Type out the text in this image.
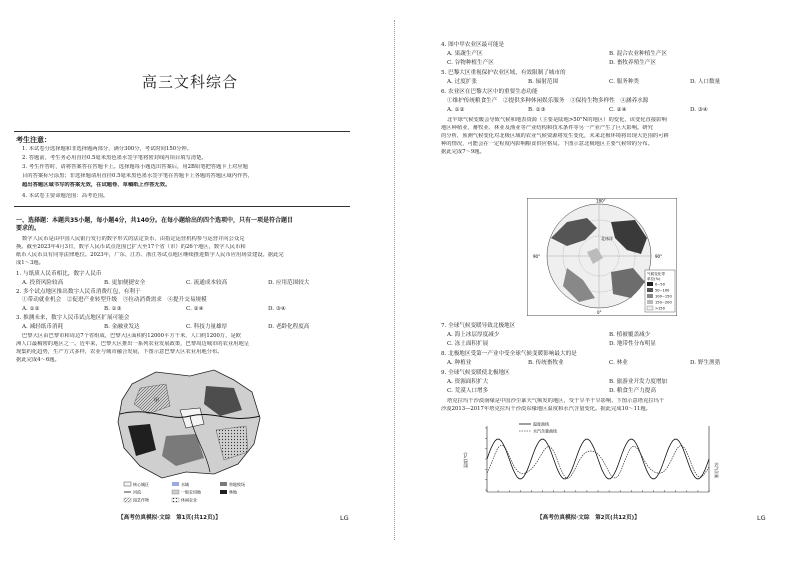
高三文科综合
考生注意：
1. 本试卷分选择题和非选择题两部分，满分300分，考试时间150分钟。
2. 答题前，考生务必用直径0.5毫米黑色墨水签字笔将密封线内项目填写清楚。
3. 考生作答时，请将答案答在答题卡上。选择题每小题选出答案后，用2B铅笔把答题卡上对应题
目的答案标号涂黑；非选择题请用直径0.5毫米黑色墨水签字笔在答题卡上各题的答题区域内作答，
超出答题区域书写的答案无效，在试题卷、草稿纸上作答无效。
4. 本试卷主要命题范围：高考范围。
一、选择题：本题共35小题，每小题4分，共140分。在每小题给出的四个选项中，只有一项是符合题目
要求的。
数字人民币是由中国人民银行发行的数字形式的法定货币，由指定运营机构参与运营并向公众兑
换。截至2023年4月3日，数字人民币试点范围已扩大至17个省（市）的26个地区，数字人民币和
纸币人民币具有同等法律地位。2023年，广东、江苏、浙江等试点地区继续推进数字人民币应用场景建设。据此完
成1～3题。
1. 与纸质人民币相比，数字人民币
A. 投资风险较高	B. 更加便捷安全	C. 流通成本较高	D. 应用范围较大
2. 多个试点地区推出数字人民币消费红包，有利于
①带动就业机会　②促进产业转型升级　③拉动消费需求　④提升交易规模
A. ①②	B. ①③	C. ②④	D. ③④
3. 推测未来，数字人民币试点地区扩展可能会
A. 减轻纸币消耗	B. 金融业发达	C. 科技力量雄厚	D. 老龄化程度高
巴黎大区由巴黎市和周边7个省组成，巴黎大区面积约12000平方千米，人口约1200万，是欧
洲人口最稠密的地区之一。近年来，巴黎大区推出一系列农业发展政策，巴黎周边城市的农业用地呈
现集约化趋势，生产方式多样，农业与城市融合发展，下图示意巴黎大区农业用地分布。
据此完成4～6题。
甲
核心城区
河流
水域
一般农用地
草地牧场
林地
园艺作物	休闲农业
【高考仿真模拟·文综　第1页(共12页)】	LG
4. 图中甲农业区最可能是
A. 果蔬生产区	B. 混合农业种植生产区
C. 谷物种植生产区	D. 畜牧养殖生产区
5. 巴黎大区重视保护农业区域，有效限制了城市的
A. 过度扩张	B. 辐射范围	C. 服务种类	D. 人口数量
6. 农业区在巴黎大区中的重要生态功能
①维护传统粮食生产　②提供多种休闲娱乐服务　③保持生物多样性　④涵养水源
A. ①②	B. ①③	C. ②④	D. ③④
北半球气候变暖会导致气候和地表资源（主要是陆地>50°N的地区）的变化，该变化直接影响
地区种植业、畜牧业、林业及渔业等产业结构和技术条件等另一产业产生了巨大影响。研究
的分析，预测气候变化对北极区域的农业气候资源将发生变化，未来北极环境将出现大范围的可耕
种的情况，可能会在一定程度内影响粮食供应格局。下图示意北极地区主要气候带的分布。
据此完成7～9题。
180°
90°	90°
0°
北冰洋
气候变化带
单位(%)
0~50
50~100
100~150
150~200
>150
7. 全球气候变暖导致北极地区
A. 海上冰层厚度减少	B. 植被覆盖减少
C. 冻土面积扩展	D. 地带性分布明显
8. 北极地区受第一产业中受全球气候变暖影响最大的是
A. 种植业	B. 传统畜牧业	C. 林业	D. 野生渔猎
9. 全球气候变暖使北极地区
A. 资源面积扩大	B. 旅游业开发力度增加
C. 荒漠人口增多	D. 粮食生产力提高
塔克拉玛干沙漠南缘是中国沙尘暴天气频发的地区，受干旱半干旱影响，下图示意塔克拉玛干
沙漠2013—2017年塔克拉玛干沙漠东缘地区温度和水汽含量变化。据此完成10～11题。
温度曲线
水汽含量曲线
温度(℃)
水汽含量
【高考仿真模拟·文综　第2页(共12页)】	LG
